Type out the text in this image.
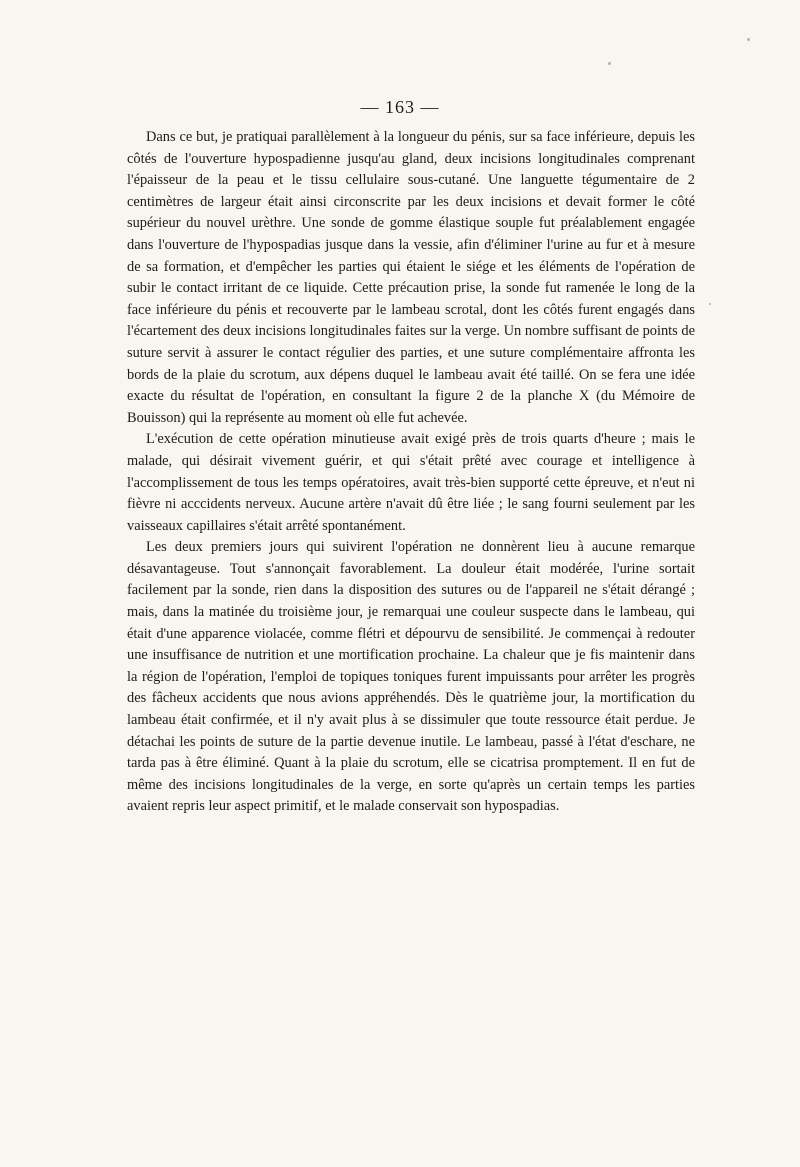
— 163 —

Dans ce but, je pratiquai parallèlement à la longueur du pénis, sur sa face inférieure, depuis les côtés de l'ouverture hypospadienne jusqu'au gland, deux incisions longitudinales comprenant l'épaisseur de la peau et le tissu cellulaire sous-cutané. Une languette tégumentaire de 2 centimètres de largeur était ainsi circonscrite par les deux incisions et devait former le côté supérieur du nouvel urèthre. Une sonde de gomme élastique souple fut préalablement engagée dans l'ouverture de l'hypospadias jusque dans la vessie, afin d'éliminer l'urine au fur et à mesure de sa formation, et d'empêcher les parties qui étaient le siége et les éléments de l'opération de subir le contact irritant de ce liquide. Cette précaution prise, la sonde fut ramenée le long de la face inférieure du pénis et recouverte par le lambeau scrotal, dont les côtés furent engagés dans l'écartement des deux incisions longitudinales faites sur la verge. Un nombre suffisant de points de suture servit à assurer le contact régulier des parties, et une suture complémentaire affronta les bords de la plaie du scrotum, aux dépens duquel le lambeau avait été taillé. On se fera une idée exacte du résultat de l'opération, en consultant la figure 2 de la planche X (du Mémoire de Bouisson) qui la représente au moment où elle fut achevée.

L'exécution de cette opération minutieuse avait exigé près de trois quarts d'heure ; mais le malade, qui désirait vivement guérir, et qui s'était prêté avec courage et intelligence à l'accomplissement de tous les temps opératoires, avait très-bien supporté cette épreuve, et n'eut ni fièvre ni acccidents nerveux. Aucune artère n'avait dû être liée ; le sang fourni seulement par les vaisseaux capillaires s'était arrêté spontanément.

Les deux premiers jours qui suivirent l'opération ne donnèrent lieu à aucune remarque désavantageuse. Tout s'annonçait favorablement. La douleur était modérée, l'urine sortait facilement par la sonde, rien dans la disposition des sutures ou de l'appareil ne s'était dérangé ; mais, dans la matinée du troisième jour, je remarquai une couleur suspecte dans le lambeau, qui était d'une apparence violacée, comme flétri et dépourvu de sensibilité. Je commençai à redouter une insuffisance de nutrition et une mortification prochaine. La chaleur que je fis maintenir dans la région de l'opération, l'emploi de topiques toniques furent impuissants pour arrêter les progrès des fâcheux accidents que nous avions appréhendés. Dès le quatrième jour, la mortification du lambeau était confirmée, et il n'y avait plus à se dissimuler que toute ressource était perdue. Je détachai les points de suture de la partie devenue inutile. Le lambeau, passé à l'état d'eschare, ne tarda pas à être éliminé. Quant à la plaie du scrotum, elle se cicatrisa promptement. Il en fut de même des incisions longitudinales de la verge, en sorte qu'après un certain temps les parties avaient repris leur aspect primitif, et le malade conservait son hypospadias.
